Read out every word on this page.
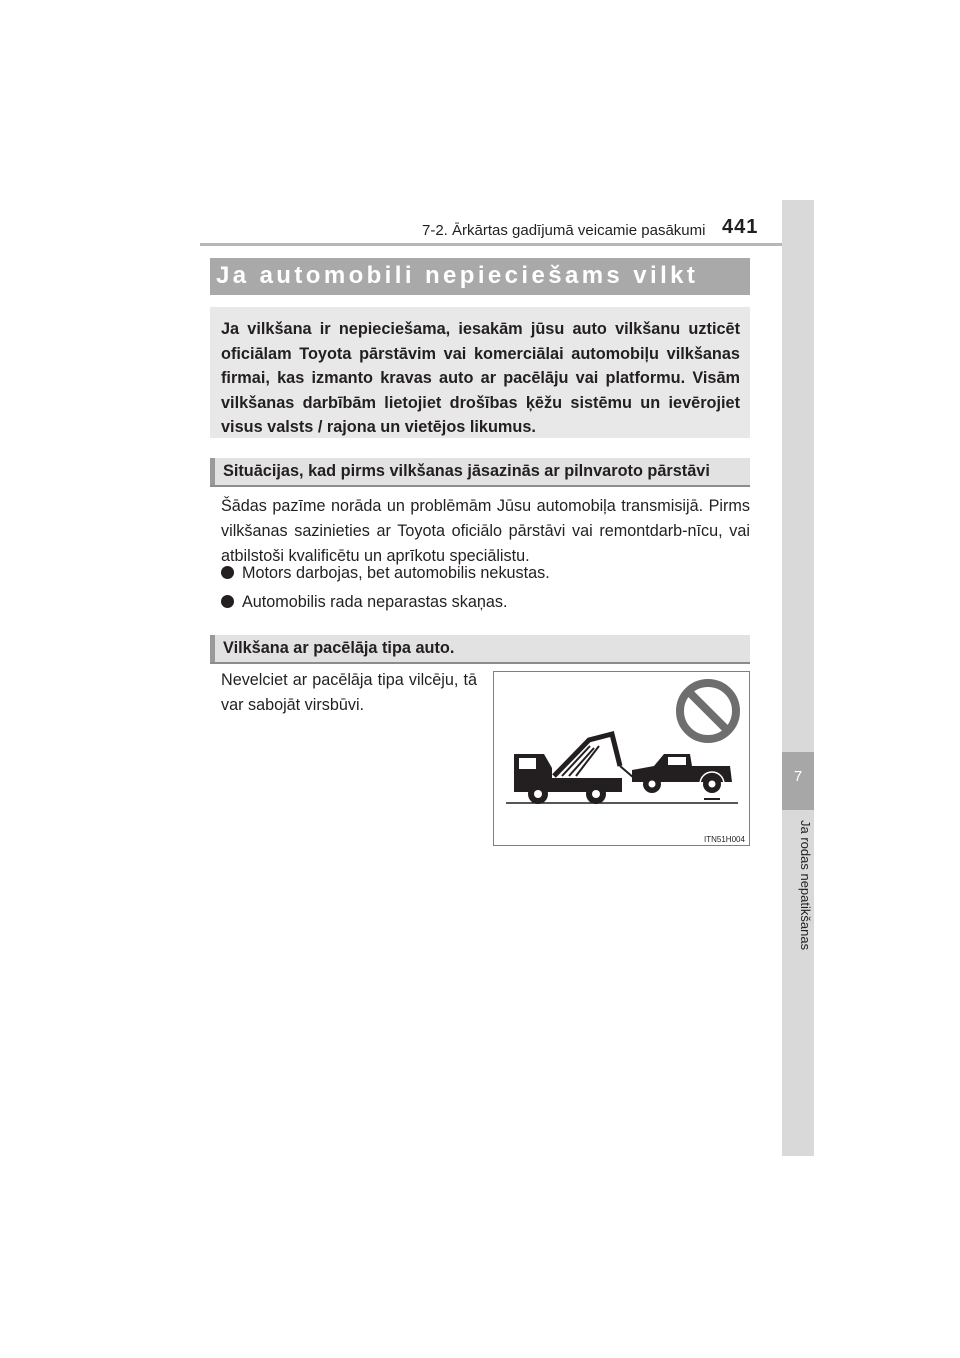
7-2. Ārkārtas gadījumā veicamie pasākumi 441
7
Ja rodas nepatikšanas
Ja automobili nepieciešams vilkt
Ja vilkšana ir nepieciešama, iesakām jūsu auto vilkšanu uzticēt oficiālam Toyota pārstāvim vai komerciālai automobiļu vilkšanas firmai, kas izmanto kravas auto ar pacēlāju vai platformu. Visām vilkšanas darbībām lietojiet drošības ķēžu sistēmu un ievērojiet visus valsts / rajona un vietējos likumus.
Situācijas, kad pirms vilkšanas jāsazinās ar pilnvaroto pārstāvi
Šādas pazīme norāda un problēmām Jūsu automobiļa transmisijā. Pirms vilkšanas sazinieties ar Toyota oficiālo pārstāvi vai remontdarb-nīcu, vai atbilstoši kvalificētu un aprīkotu speciālistu.
Motors darbojas, bet automobilis nekustas.
Automobilis rada neparastas skaņas.
Vilkšana ar pacēlāja tipa auto.
Nevelciet ar pacēlāja tipa vilcēju, tā var sabojāt virsbūvi.
ITN51H004
